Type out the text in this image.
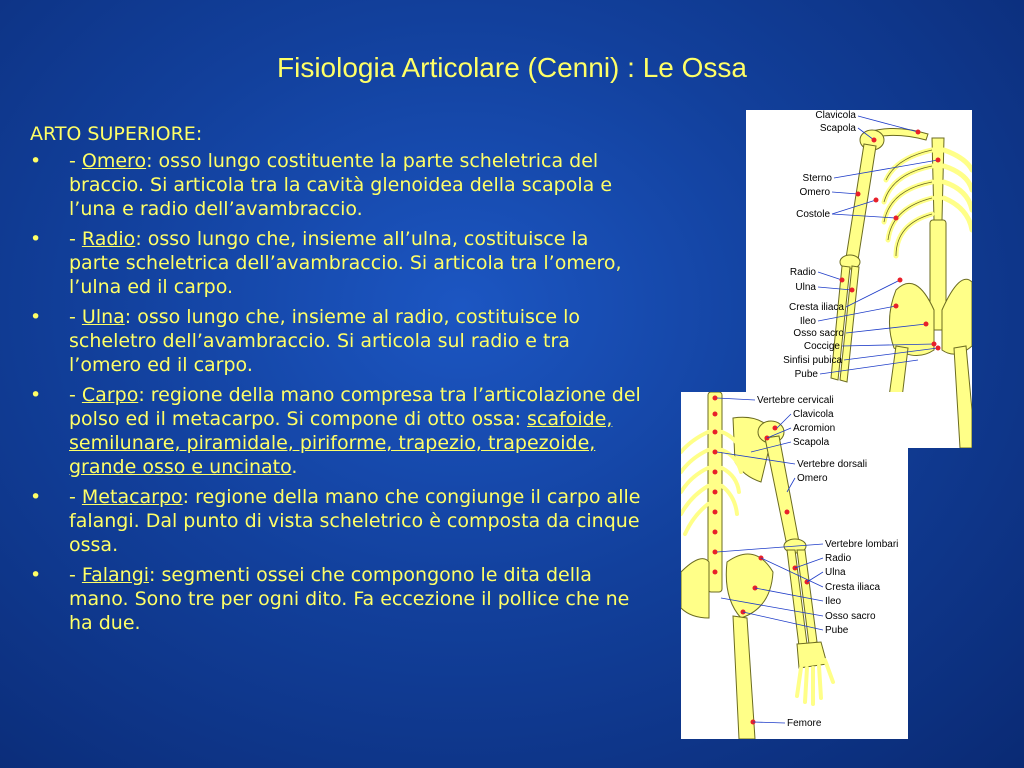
Fisiologia Articolare (Cenni) : Le Ossa
ARTO SUPERIORE:
• - Omero: osso lungo costituente la parte scheletrica del braccio. Si articola tra la cavità glenoidea della scapola e l’una e radio dell’avambraccio.
• - Radio: osso lungo che, insieme all’ulna, costituisce la parte scheletrica dell’avambraccio. Si articola tra l’omero, l’ulna ed il carpo.
• - Ulna: osso lungo che, insieme al radio, costituisce lo scheletro dell’avambraccio. Si articola sul radio e tra l’omero ed il carpo.
• - Carpo: regione della mano compresa tra l’articolazione del polso ed il metacarpo. Si compone di otto ossa: scafoide, semilunare, piramidale, piriforme, trapezio, trapezoide, grande osso e uncinato.
• - Metacarpo: regione della mano che congiunge il carpo alle falangi. Dal punto di vista scheletrico è composta da cinque ossa.
• - Falangi: segmenti ossei che compongono le dita della mano. Sono tre per ogni dito. Fa eccezione il pollice che ne ha due.
Clavicola
Scapola
Sterno
Omero
Costole
Radio
Ulna
Cresta iliaca
Ileo
Osso sacro
Coccige
Sinfisi pubica
Pube
Vertebre cervicali
Clavicola
Acromion
Scapola
Vertebre dorsali
Omero
Vertebre lombari
Radio
Ulna
Cresta iliaca
Ileo
Osso sacro
Pube
Femore
